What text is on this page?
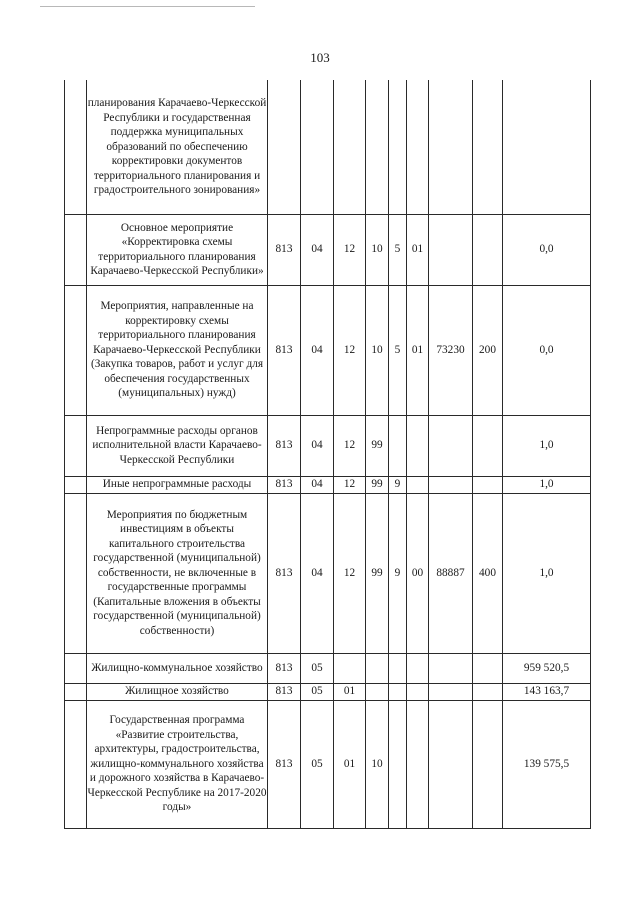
103

	планирования Карачаево-Черкесской Республики и государственная поддержка муниципальных образований по обеспечению корректировки документов территориального планирования и градостроительного зонирования»									

	Основное мероприятие «Корректировка схемы территориального планирования Карачаево-Черкесской Республики»	813	04	12	10	5	01			0,0

	Мероприятия, направленные на корректировку схемы территориального планирования Карачаево-Черкесской Республики (Закупка товаров, работ и услуг для обеспечения государственных (муниципальных) нужд)	813	04	12	10	5	01	73230	200	0,0

	Непрограммные расходы органов исполнительной власти Карачаево-Черкесской Республики	813	04	12	99					1,0

	Иные непрограммные расходы	813	04	12	99	9				1,0

	Мероприятия по бюджетным инвестициям в объекты капитального строительства государственной (муниципальной) собственности, не включенные в государственные программы (Капитальные вложения в объекты государственной (муниципальной) собственности)	813	04	12	99	9	00	88887	400	1,0

	Жилищно-коммунальное хозяйство	813	05							959 520,5

	Жилищное хозяйство	813	05	01						143 163,7

	Государственная программа «Развитие строительства, архитектуры, градостроительства, жилищно-коммунального хозяйства и дорожного хозяйства в Карачаево-Черкесской Республике на 2017-2020 годы»	813	05	01	10					139 575,5
